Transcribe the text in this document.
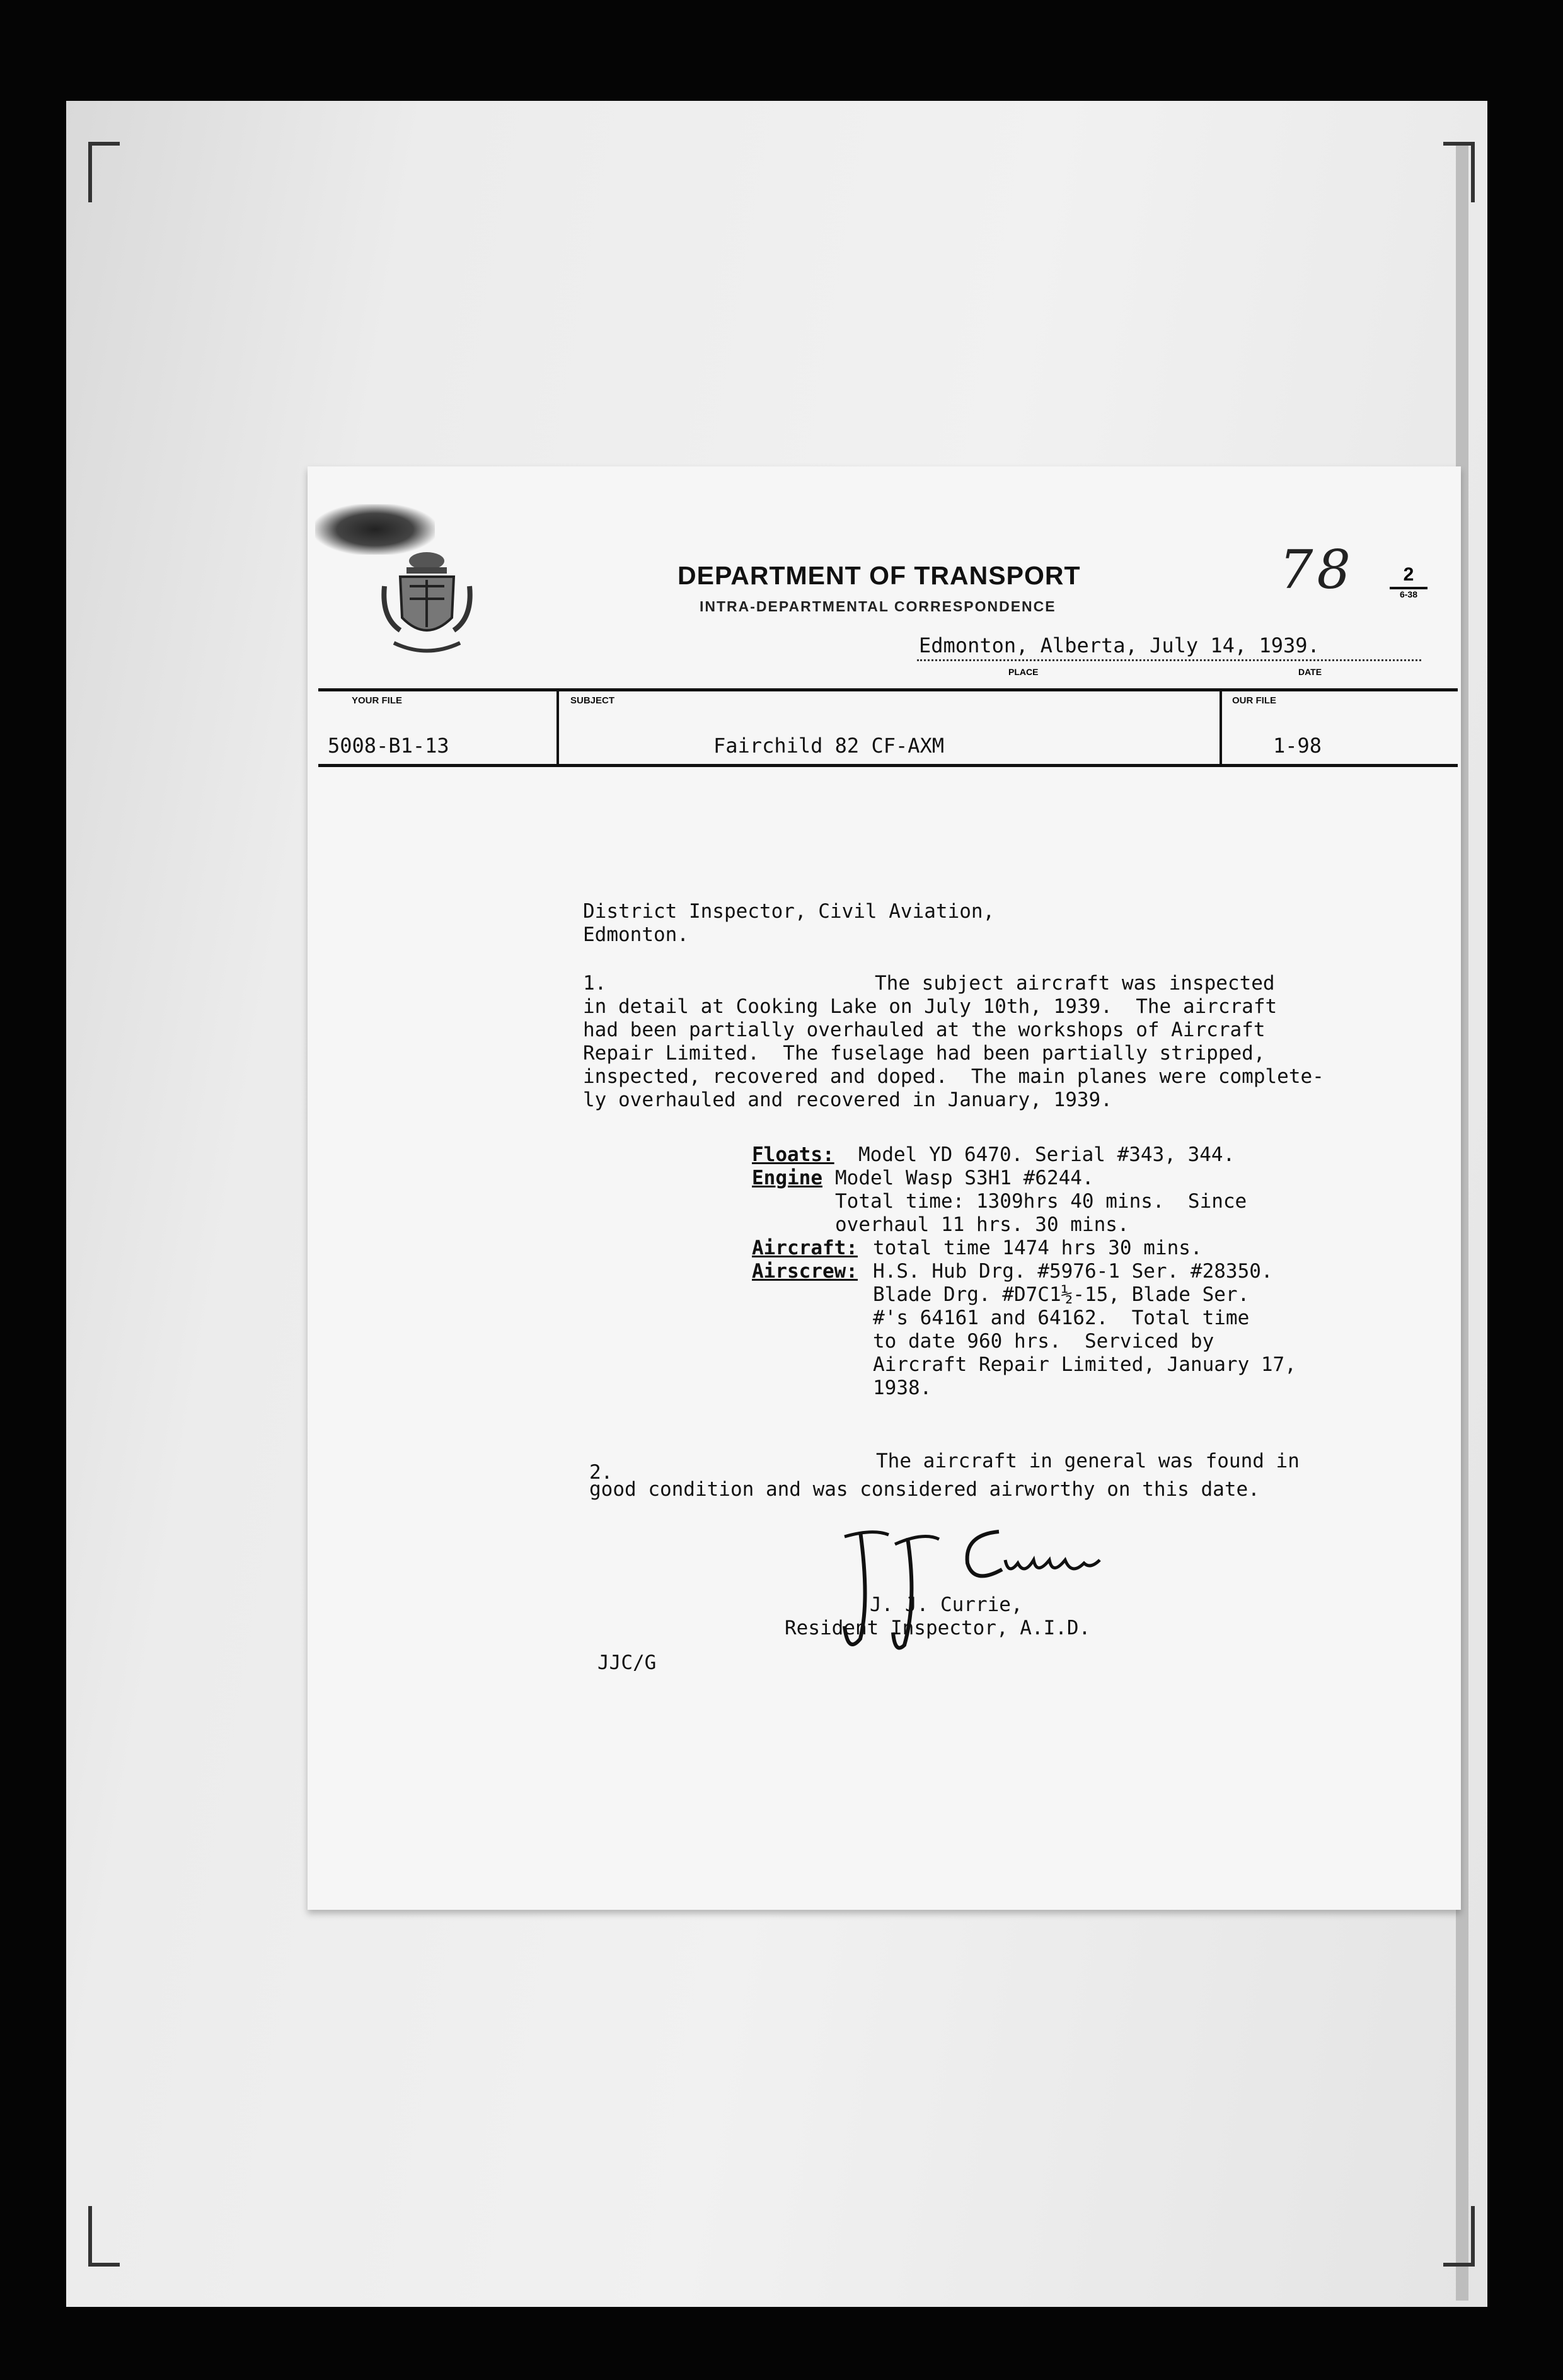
DEPARTMENT OF TRANSPORT
INTRA-DEPARTMENTAL CORRESPONDENCE
2
6-38
78
Edmonton, Alberta, July 14, 1939.
PLACE	DATE
YOUR FILE	SUBJECT	OUR FILE
5008-B1-13	Fairchild 82 CF-AXM	1-98
District Inspector, Civil Aviation,
Edmonton.
1.	The subject aircraft was inspected
in detail at Cooking Lake on July 10th, 1939.  The aircraft
had been partially overhauled at the workshops of Aircraft
Repair Limited.  The fuselage had been partially stripped,
inspected, recovered and doped.  The main planes were complete-
ly overhauled and recovered in January, 1939.
Floats: Model YD 6470. Serial #343, 344.
Engine Model Wasp S3H1 #6244.
Total time: 1309hrs 40 mins.  Since
overhaul 11 hrs. 30 mins.
Aircraft: total time 1474 hrs 30 mins.
Airscrew: H.S. Hub Drg. #5976-1 Ser. #28350.
Blade Drg. #D7C1½-15, Blade Ser.
#'s 64161 and 64162.  Total time
to date 960 hrs.  Serviced by
Aircraft Repair Limited, January 17,
1938.
2.	The aircraft in general was found in
good condition and was considered airworthy on this date.
J. J. Currie,
Resident Inspector, A.I.D.
JJC/G
